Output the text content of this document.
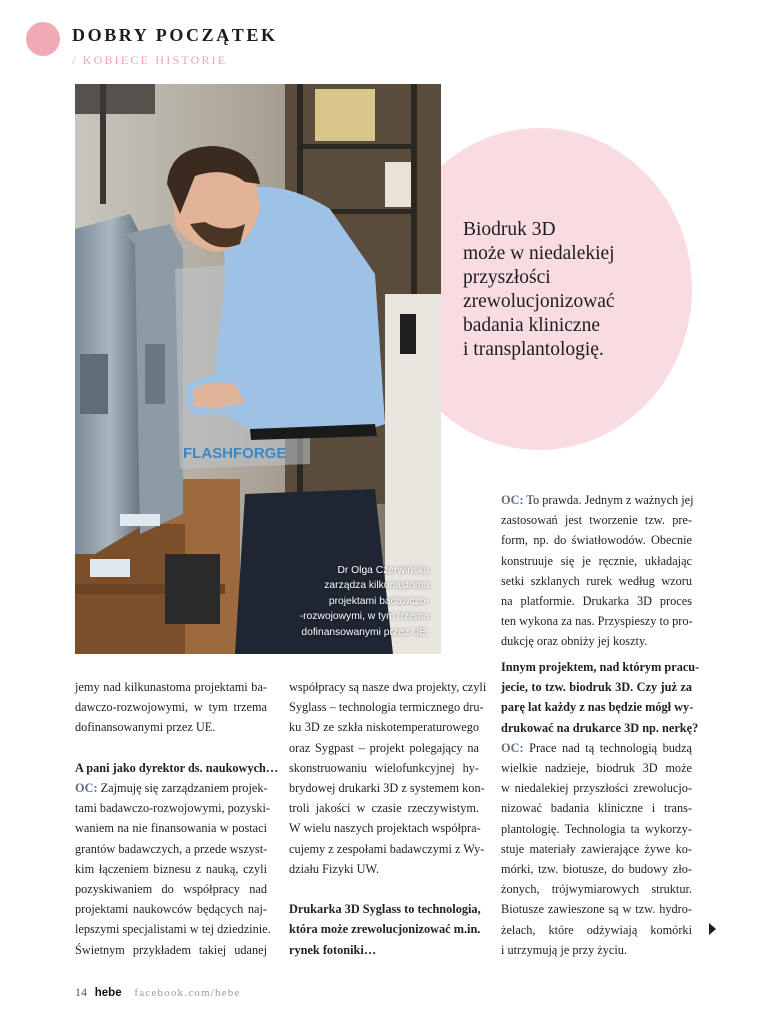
DOBRY POCZĄTEK
/ KOBIECE HISTORIE
FLASHFORGE
Dr Olga Czerwińska
zarządza kilkunastoma
projektami badawczo-
-rozwojowymi, w tym trzema
dofinansowanymi przez UE.
Biodruk 3D
może w niedalekiej
przyszłości
zrewolucjonizować
badania kliniczne
i transplantologię.
OC: To prawda. Jednym z ważnych jej
zastosowań jest tworzenie tzw. pre-
form, np. do światłowodów. Obecnie
konstruuje się je ręcznie, układając
setki szklanych rurek według wzoru
na platformie. Drukarka 3D proces
ten wykona za nas. Przyspieszy to pro-
dukcję oraz obniży jej koszty.
Innym projektem, nad którym pracu-
jecie, to tzw. biodruk 3D. Czy już za
parę lat każdy z nas będzie mógł wy-
drukować na drukarce 3D np. nerkę?
OC: Prace nad tą technologią budzą
wielkie nadzieje, biodruk 3D może
w niedalekiej przyszłości zrewolucjo-
nizować badania kliniczne i trans-
plantologię. Technologia ta wykorzy-
stuje materiały zawierające żywe ko-
mórki, tzw. biotusze, do budowy zło-
żonych, trójwymiarowych struktur.
Biotusze zawieszone są w tzw. hydro-
żelach, które odżywiają komórki
i utrzymują je przy życiu.
jemy nad kilkunastoma projektami ba-
dawczo-rozwojowymi, w tym trzema
dofinansowanymi przez UE.
A pani jako dyrektor ds. naukowych…
OC: Zajmuję się zarządzaniem projek-
tami badawczo-rozwojowymi, pozyski-
waniem na nie finansowania w postaci
grantów badawczych, a przede wszyst-
kim łączeniem biznesu z nauką, czyli
pozyskiwaniem do współpracy nad
projektami naukowców będących naj-
lepszymi specjalistami w tej dziedzinie.
Świetnym przykładem takiej udanej
współpracy są nasze dwa projekty, czyli
Syglass – technologia termicznego dru-
ku 3D ze szkła niskotemperaturowego
oraz Sygpast – projekt polegający na
skonstruowaniu wielofunkcyjnej hy-
brydowej drukarki 3D z systemem kon-
troli jakości w czasie rzeczywistym.
W wielu naszych projektach współpra-
cujemy z zespołami badawczymi z Wy-
działu Fizyki UW.
Drukarka 3D Syglass to technologia,
która może zrewolucjonizować m.in.
rynek fotoniki…
14 hebe facebook.com/hebe
